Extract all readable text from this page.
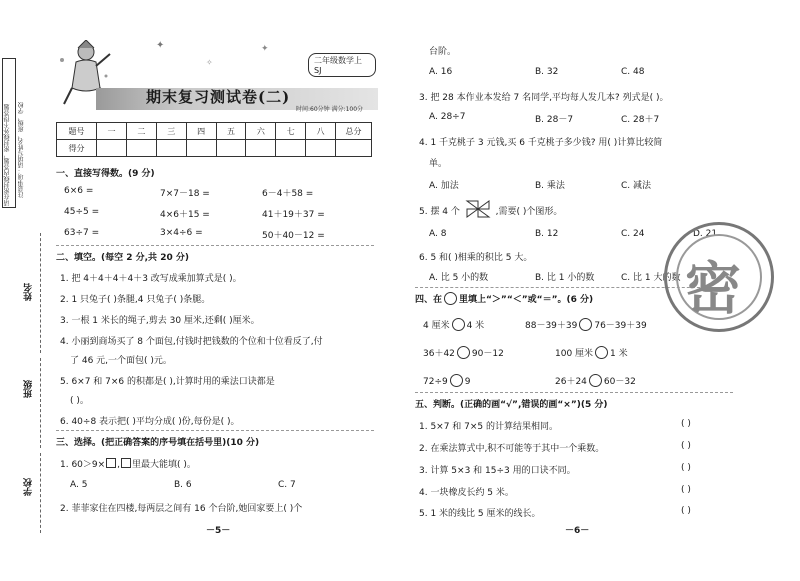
请在密封线内答题，密封线外不得答题	注意事项：请填写姓名、班级、学校
姓名
班级
学校
✦
✧
✦
二年级数学上 SJ
期末复习测试卷(二)
时间:60分钟 满分:100分
题号	一	二	三	四	五	六	七	八	总分
得分									
一、直接写得数。(9 分)
6×6 =	7×7－18 =	6－4＋58 =
45÷5 =	4×6＋15 =	41＋19＋37 =
63÷7 =	3×4÷6 =	50＋40－12 =
二、填空。(每空 2 分,共 20 分)
1. 把 4＋4＋4＋4＋3 改写成乘加算式是( )。
2. 1 只兔子( )条腿,4 只兔子( )条腿。
3. 一根 1 米长的绳子,剪去 30 厘米,还剩( )厘米。
4. 小丽到商场买了 8 个面包,付钱时把钱数的个位和十位看反了,付
了 46 元,一个面包( )元。
5. 6×7 和 7×6 的积都是( ),计算时用的乘法口诀都是
( )。
6. 40÷8 表示把( )平均分成( )份,每份是( )。
三、选择。(把正确答案的序号填在括号里)(10 分)
1. 60＞9× , 里最大能填( )。
A. 5	B. 6	C. 7
2. 菲菲家住在四楼,每两层之间有 16 个台阶,她回家要上( )个
－5－
台阶。
A. 16	B. 32	C. 48
3. 把 28 本作业本发给 7 名同学,平均每人发几本? 列式是( )。
A. 28÷7	B. 28－7	C. 28＋7
4. 1 千克桃子 3 元钱,买 6 千克桃子多少钱? 用( )计算比较简
单。
A. 加法	B. 乘法	C. 减法
5. 摆 4 个	,需要( )个图形。
A. 8	B. 12	C. 24	D. 21
6. 5 和( )相乘的积比 5 大。
A. 比 5 小的数	B. 比 1 小的数	C. 比 1 大的数
四、在 里填上“＞”“＜”或“＝”。(6 分)
4 厘米 4 米	88－39＋39 76－39＋39
36＋42 90－12	100 厘米 1 米
72÷9 9	26＋24 60－32
五、判断。(正确的画“√”,错误的画“×”)(5 分)
1. 5×7 和 7×5 的计算结果相同。	( )
2. 在乘法算式中,积不可能等于其中一个乘数。	( )
3. 计算 5×3 和 15÷3 用的口诀不同。	( )
4. 一块橡皮长约 5 米。	( )
5. 1 米的线比 5 厘米的线长。	( )
－6－
密
